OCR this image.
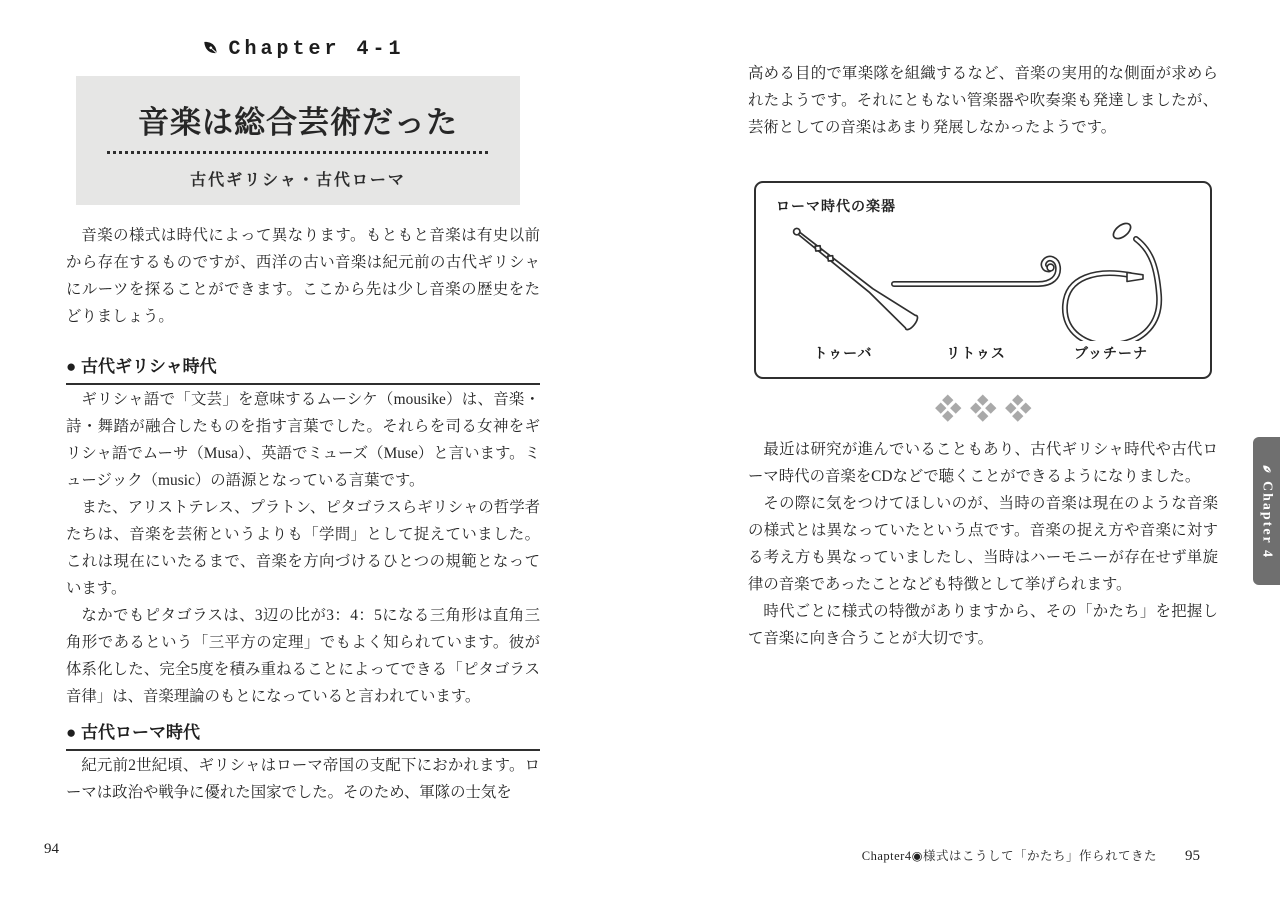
Chapter 4-1
音楽は総合芸術だった
古代ギリシャ・古代ローマ

音楽の様式は時代によって異なります。もともと音楽は有史以前から存在するものですが、西洋の古い音楽は紀元前の古代ギリシャにルーツを探ることができます。ここから先は少し音楽の歴史をたどりましょう。

● 古代ギリシャ時代

ギリシャ語で「文芸」を意味するムーシケ（mousike）は、音楽・詩・舞踏が融合したものを指す言葉でした。それらを司る女神をギリシャ語でムーサ（Musa）、英語でミューズ（Muse）と言います。ミュージック（music）の語源となっている言葉です。

また、アリストテレス、プラトン、ピタゴラスらギリシャの哲学者たちは、音楽を芸術というよりも「学問」として捉えていました。これは現在にいたるまで、音楽を方向づけるひとつの規範となっています。

なかでもピタゴラスは、3辺の比が3：4：5になる三角形は直角三角形であるという「三平方の定理」でもよく知られています。彼が体系化した、完全5度を積み重ねることによってできる「ピタゴラス音律」は、音楽理論のもとになっていると言われています。

● 古代ローマ時代

紀元前2世紀頃、ギリシャはローマ帝国の支配下におかれます。ローマは政治や戦争に優れた国家でした。そのため、軍隊の士気を

94

高める目的で軍楽隊を組織するなど、音楽の実用的な側面が求められたようです。それにともない管楽器や吹奏楽も発達しましたが、芸術としての音楽はあまり発展しなかったようです。

ローマ時代の楽器
トゥーバ	リトゥス	ブッチーナ

最近は研究が進んでいることもあり、古代ギリシャ時代や古代ローマ時代の音楽をCDなどで聴くことができるようになりました。

その際に気をつけてほしいのが、当時の音楽は現在のような音楽の様式とは異なっていたという点です。音楽の捉え方や音楽に対する考え方も異なっていましたし、当時はハーモニーが存在せず単旋律の音楽であったことなども特徴として挙げられます。

時代ごとに様式の特徴がありますから、その「かたち」を把握して音楽に向き合うことが大切です。

Chapter 4
Chapter4◉様式はこうして「かたち」作られてきた 95
